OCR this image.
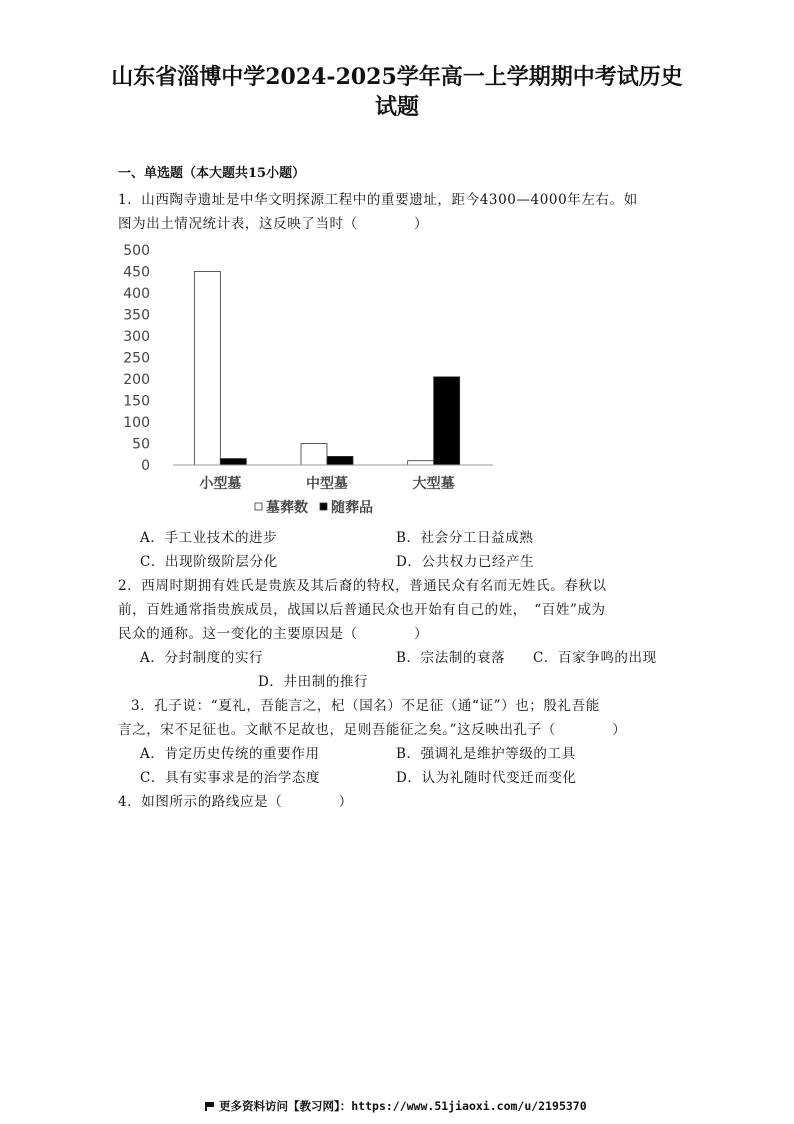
山东省淄博中学2024-2025学年高一上学期期中考试历史
试题
一、单选题（本大题共15小题）
1．山西陶寺遗址是中华文明探源工程中的重要遗址，距今4300—4000年左右。如
图为出土情况统计表，这反映了当时（　　　　）
0
50
100
150
200
250
300
350
400
450
500
小型墓	中型墓	大型墓
墓葬数 随葬品
A．手工业技术的进步	B．社会分工日益成熟
C．出现阶级阶层分化	D．公共权力已经产生
2．西周时期拥有姓氏是贵族及其后裔的特权，普通民众有名而无姓氏。春秋以
前，百姓通常指贵族成员，战国以后普通民众也开始有自己的姓，　“百姓”成为
民众的通称。这一变化的主要原因是（　　　　）
A．分封制度的实行	B．宗法制的衰落 C．百家争鸣的出现
D．井田制的推行
3．孔子说：“夏礼，吾能言之，杞（国名）不足征（通“证”）也；殷礼吾能
言之，宋不足征也。文献不足故也，足则吾能征之矣。”这反映出孔子（　　　　）
A．肯定历史传统的重要作用	B．强调礼是维护等级的工具
C．具有实事求是的治学态度	D．认为礼随时代变迁而变化
4．如图所示的路线应是（　　　　）
更多资料访问【教习网】：https://www.51jiaoxi.com/u/2195370
